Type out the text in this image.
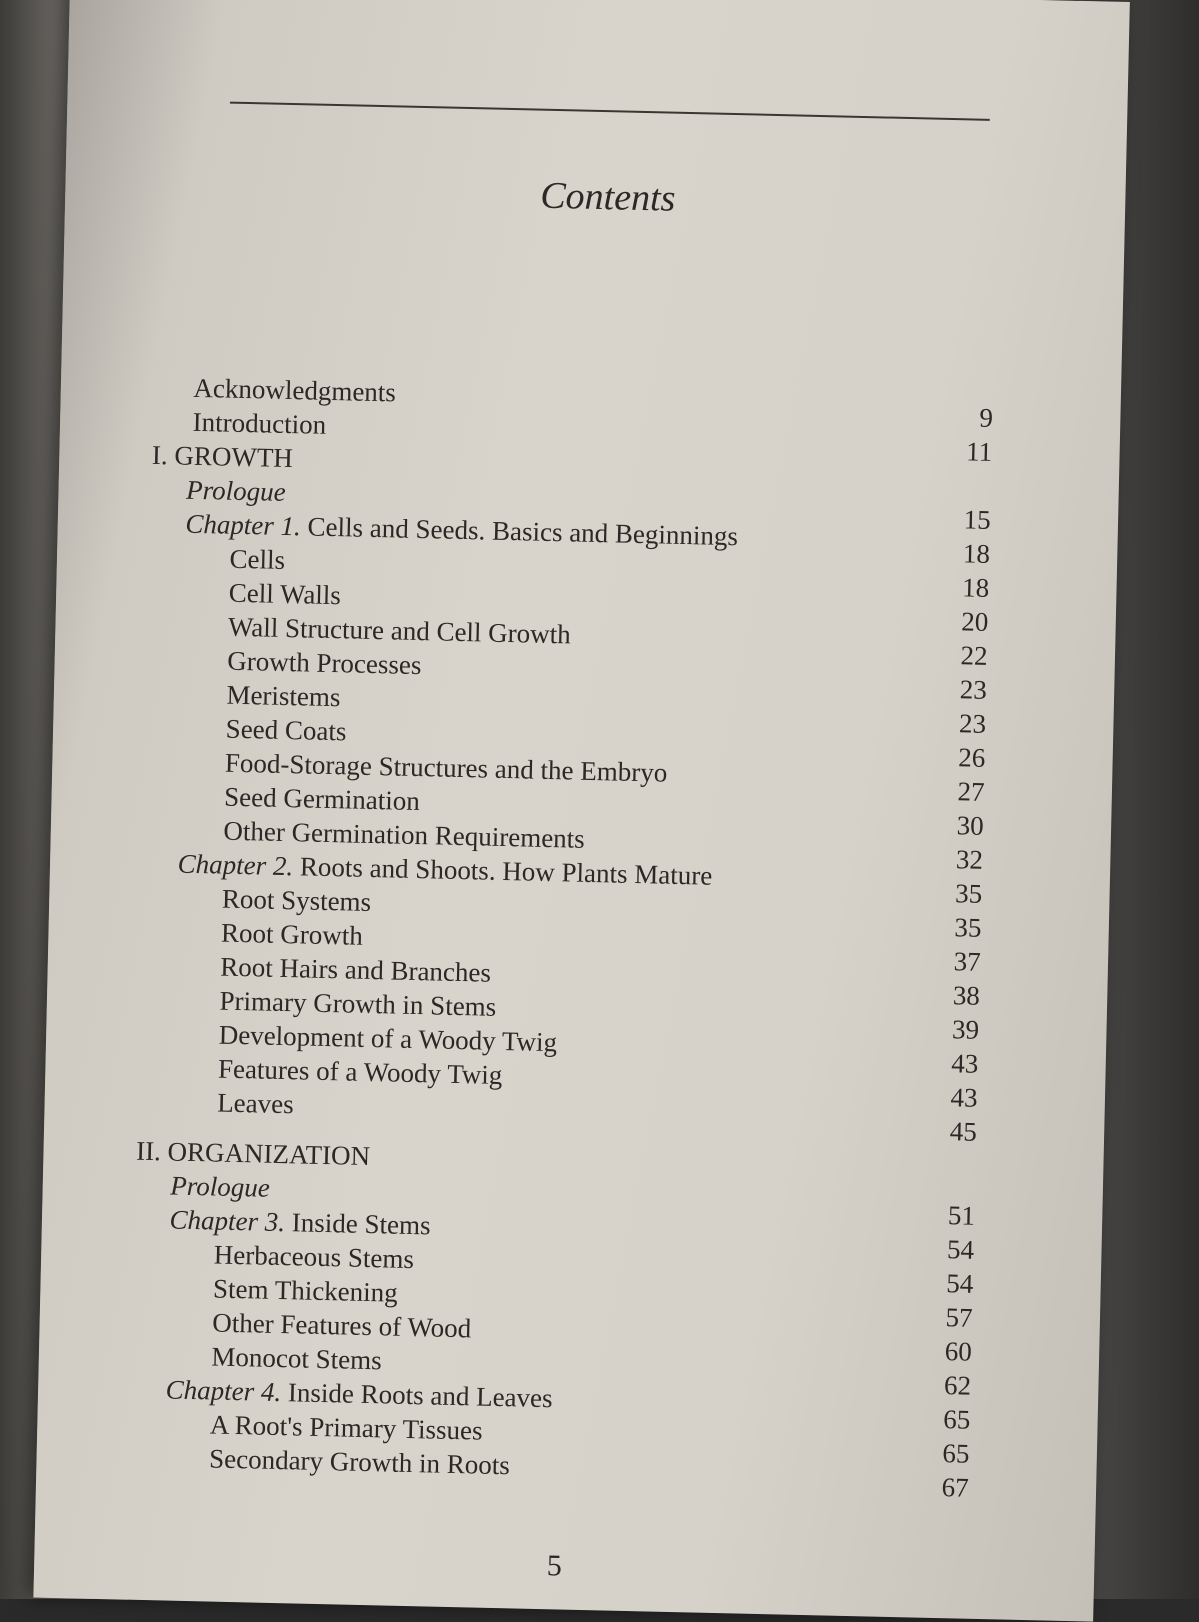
Contents
Acknowledgments
9
Introduction
11
I. GROWTH
Prologue
15
Chapter 1. Cells and Seeds. Basics and Beginnings
18
Cells
18
Cell Walls
20
Wall Structure and Cell Growth
22
Growth Processes
23
Meristems
23
Seed Coats
26
Food-Storage Structures and the Embryo
27
Seed Germination
30
Other Germination Requirements
32
Chapter 2. Roots and Shoots. How Plants Mature
35
Root Systems
35
Root Growth
37
Root Hairs and Branches
38
Primary Growth in Stems
39
Development of a Woody Twig
43
Features of a Woody Twig
43
Leaves
45
II. ORGANIZATION
Prologue
51
Chapter 3. Inside Stems
54
Herbaceous Stems
54
Stem Thickening
57
Other Features of Wood
60
Monocot Stems
62
Chapter 4. Inside Roots and Leaves
65
A Root's Primary Tissues
65
Secondary Growth in Roots
67
5
